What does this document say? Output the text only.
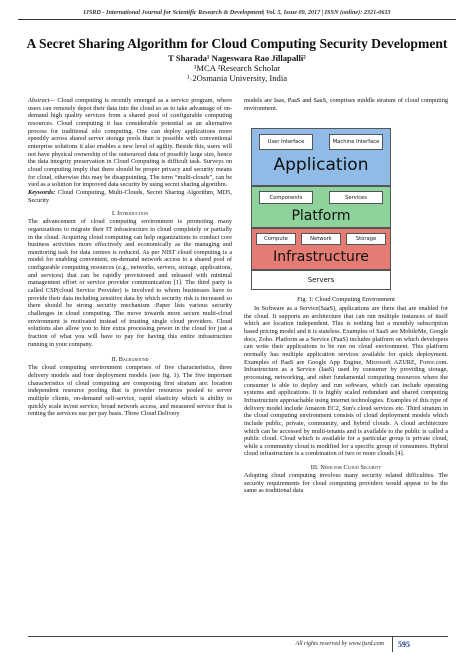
IJSRD - International Journal for Scientific Research & Development| Vol. 5, Issue 09, 2017 | ISSN (online): 2321-0613
A Secret Sharing Algorithm for Cloud Computing Security Development
T Sharada¹ Nageswara Rao Jillapalli²
¹MCA ²Research Scholar
¹˒2Osmania University, India

Abstract— Cloud computing is recently emerged as a service program, where users can remotely depot their data into the cloud so as to take advantage of on-demand high quality services from a shared pool of configurable computing resources. Cloud computing it has considerable potential as an alternative process for traditional silo computing. One can deploy applications more speedily across shared server storage pools than is possible with conventional enterprise solutions it also enables a new level of agility. Beside this, users will not have physical ownership of the outsourced data of possibly large size, hence the data integrity preservation in Cloud Computing is difficult task. Surveys on cloud computing imply that there should be proper privacy and security means for cloud, otherwise this may be disappointing. The term “multi-clouds”, can be vied as a solution for improved data security by using secret sharing algorithm.

Keywords: Cloud Computing, Multi-Clouds, Secret Sharing Algorithm, MD5, Security

I. Introduction

The advancement of cloud computing environment is promoting many organizations to migrate their IT infrastructure to cloud completely or partially in the cloud. Acquiring cloud computing can help organizations to conduct core business activities more effectively and economically as the managing and monitoring task for data centres is reduced. As per NIST cloud computing is a model for enabling convenient, on-demand network access to a shared pool of configurable computing resources (e.g., networks, servers, storage, applications, and services) that can be rapidly provisioned and released with minimal management effort or service provider communication [1]. The third party is called CSP(cloud Service Provider) is involved to whom businesses have to provide their data including sensitive data by which security risk is increased so there should be strong security mechanism :Paper lists various security challenges in cloud computing. The move towards more secure multi-cloud environment is motivated instead of trusting single cloud providers. Cloud solutions also allow you to hire extra processing power in the cloud for just a fraction of what you will have to pay for having this entire infrastructure running in your company.

II. Background

The cloud computing environment comprises of five characteristics, three delivery models and four deployment models (see fig. 1). The five important characteristics of cloud computing are composing first stratum are: location independent resource pooling that is provider resources pooled to server multiple clients, on-demand self-service, rapid elasticity which is ability to quickly scale in/out service, broad network access, and measured service that is renting the services use per pay basis. Three Cloud Delivery

models are Iaas, PaaS and SaaS, comprises middle stratum of cloud computing environment.

User Interface	Machine Interface
Application
Components	Services
Platform
Compute	Network	Storage
Infrastructure
Servers
Fig. 1: Cloud Computing Environment

In Software as a Service(SaaS), applications are there that are enabled for the cloud. It supports an architecture that can run multiple instances of itself which are location independent. This is nothing but a monthly subscription based pricing model and it is stateless. Examples of SaaS are MobileMe, Google docs, Zoho. Platform as a Service (PaaS) includes platform on which developers can write their applications to be run on cloud environment. This platform normally has multiple application services available for quick deployment. Examples of PaaS are Google App Engine, Microsoft AZURE, Force.com. Infrastructure as a Service (IaaS) used by consumer by providing storage, processing, networking, and other fundamental computing resources where the consumer is able to deploy and run software, which can include operating systems and applications. It is highly scaled redundant and shared computing Infrastructure approachable using internet technologies. Examples of this type of delivery model include Amazon EC2, Sun's cloud services etc. Third stratum in the cloud computing environment consists of cloud deployment models which include public, private, community, and hybrid clouds. A cloud architecture which can be accessed by multi-tenants and is available to the public is called a public cloud. Cloud which is available for a particular group is private cloud, while a community cloud is modified for a specific group of consumers. Hybrid cloud infrastructure is a combination of two or more clouds [4].

III. Need for Cloud Security

Adopting cloud computing involves many security related difficulties. The security requirements for cloud computing providers would appear to be the same as traditional data

All rights reserved by www.ijsrd.com 595
